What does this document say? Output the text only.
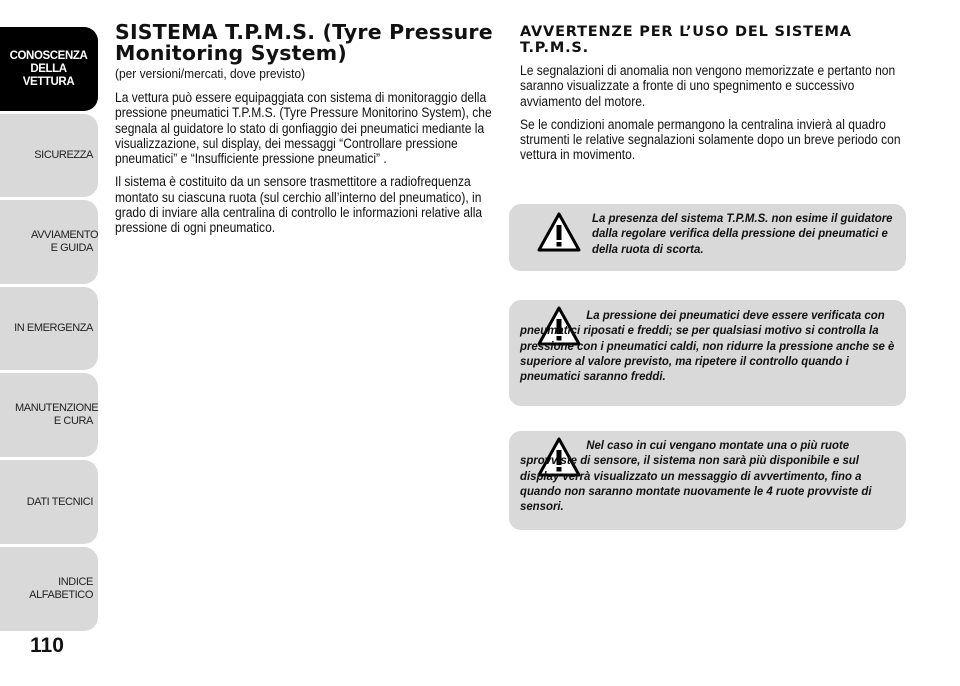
CONOSCENZA DELLA VETTURA
SICUREZZA
AVVIAMENTO E GUIDA
IN EMERGENZA
MANUTENZIONE E CURA
DATI TECNICI
INDICE ALFABETICO
110
SISTEMA T.P.M.S. (Tyre Pressure Monitoring System)
(per versioni/mercati, dove previsto)

La vettura può essere equipaggiata con sistema di monitoraggio della pressione pneumatici T.P.M.S. (Tyre Pressure Monitorino System), che segnala al guidatore lo stato di gonfiaggio dei pneumatici mediante la visualizzazione, sul display, dei messaggi “Controllare pressione pneumatici” e “Insufficiente pressione pneumatici” .

Il sistema è costituito da un sensore trasmettitore a radiofrequenza montato su ciascuna ruota (sul cerchio all’interno del pneumatico), in grado di inviare alla centralina di controllo le informazioni relative alla pressione di ogni pneumatico.

AVVERTENZE PER L’USO DEL SISTEMA T.P.M.S.

Le segnalazioni di anomalia non vengono memorizzate e pertanto non saranno visualizzate a fronte di uno spegnimento e successivo avviamento del motore.

Se le condizioni anomale permangono la centralina invierà al quadro strumenti le relative segnalazioni solamente dopo un breve periodo con vettura in movimento.

La presenza del sistema T.P.M.S. non esime il guidatore dalla regolare verifica della pressione dei pneumatici e della ruota di scorta.
La pressione dei pneumatici deve essere verificata con pneumatici riposati e freddi; se per qualsiasi motivo si controlla la pressione con i pneumatici caldi, non ridurre la pressione anche se è superiore al valore previsto, ma ripetere il controllo quando i pneumatici saranno freddi.
Nel caso in cui vengano montate una o più ruote sprovviste di sensore, il sistema non sarà più disponibile e sul display verrà visualizzato un messaggio di avvertimento, fino a quando non saranno montate nuovamente le 4 ruote provviste di sensori.
